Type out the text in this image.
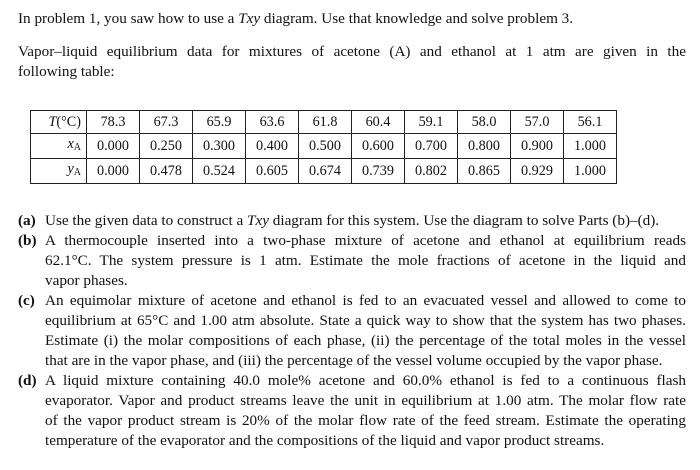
In problem 1, you saw how to use a Txy diagram. Use that knowledge and solve problem 3.

Vapor–liquid equilibrium data for mixtures of acetone (A) and ethanol at 1 atm are given in the
following table:

T(°C)	78.3	67.3	65.9	63.6	61.8	60.4	59.1	58.0	57.0	56.1
$x_A$	0.000	0.250	0.300	0.400	0.500	0.600	0.700	0.800	0.900	1.000
$y_A$	0.000	0.478	0.524	0.605	0.674	0.739	0.802	0.865	0.929	1.000
(a) Use the given data to construct a Txy diagram for this system. Use the diagram to solve Parts (b)–(d).
(b) A thermocouple inserted into a two-phase mixture of acetone and ethanol at equilibrium reads
62.1°C. The system pressure is 1 atm. Estimate the mole fractions of acetone in the liquid and
vapor phases.
(c) An equimolar mixture of acetone and ethanol is fed to an evacuated vessel and allowed to come to
equilibrium at 65°C and 1.00 atm absolute. State a quick way to show that the system has two phases.
Estimate (i) the molar compositions of each phase, (ii) the percentage of the total moles in the vessel
that are in the vapor phase, and (iii) the percentage of the vessel volume occupied by the vapor phase.
(d) A liquid mixture containing 40.0 mole% acetone and 60.0% ethanol is fed to a continuous flash
evaporator. Vapor and product streams leave the unit in equilibrium at 1.00 atm. The molar flow rate
of the vapor product stream is 20% of the molar flow rate of the feed stream. Estimate the operating
temperature of the evaporator and the compositions of the liquid and vapor product streams.
